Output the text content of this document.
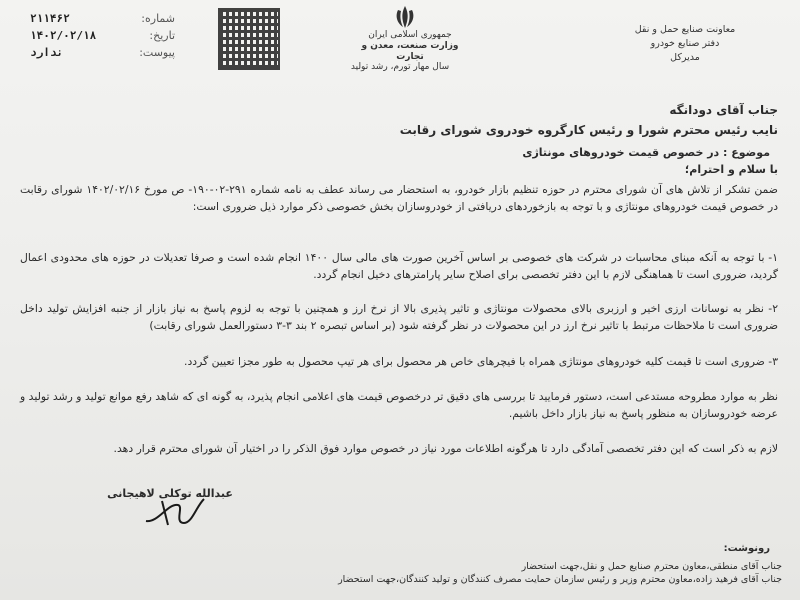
شماره:
۲۱۱۴۶۲
تاریخ:
۱۴۰۲/۰۲/۱۸
پیوست:
ندارد
جمهوری اسلامی ایران
وزارت صنعت، معدن و تجارت
سال مهار تورم، رشد تولید
معاونت صنایع حمل و نقل
دفتر صنایع خودرو
مدیرکل
جناب آقای دودانگه
نایب رئیس محترم شورا و رئیس کارگروه خودروی شورای رقابت
موضوع : در خصوص قیمت خودروهای مونتاژی
با سلام و احترام؛
ضمن تشکر از تلاش های آن شورای محترم در حوزه تنظیم بازار خودرو، به استحضار می رساند عطف به نامه شماره ۲۹۱-۰۲-۱۹۰- ص مورخ ۱۴۰۲/۰۲/۱۶ شورای رقابت در خصوص قیمت خودروهای مونتاژی و با توجه به بازخوردهای دریافتی از خودروسازان بخش خصوصی ذکر موارد ذیل ضروری است:
۱- با توجه به آنکه مبنای محاسبات در شرکت های خصوصی بر اساس آخرین صورت های مالی سال ۱۴۰۰ انجام شده است و صرفا تعدیلات در حوزه های محدودی اعمال گردید، ضروری است تا هماهنگی لازم با این دفتر تخصصی برای اصلاح سایر پارامترهای دخیل انجام گردد.
۲- نظر به نوسانات ارزی اخیر و ارزبری بالای محصولات مونتاژی و تاثیر پذیری بالا از نرخ ارز و همچنین با توجه به لزوم پاسخ به نیاز بازار از جنبه افزایش تولید داخل ضروری است تا ملاحظات مرتبط با تاثیر نرخ ارز در این محصولات در نظر گرفته شود (بر اساس تبصره ۲ بند ۳-۳ دستورالعمل شورای رقابت)
۳- ضروری است تا قیمت کلیه خودروهای مونتاژی همراه با فیچرهای خاص هر محصول برای هر تیپ محصول به طور مجزا تعیین گردد.
نظر به موارد مطروحه مستدعی است، دستور فرمایید تا بررسی های دقیق تر درخصوص قیمت های اعلامی انجام پذیرد، به گونه ای که شاهد رفع موانع تولید و رشد تولید و عرضه خودروسازان به منظور پاسخ به نیاز بازار داخل باشیم.
لازم به ذکر است که این دفتر تخصصی آمادگی دارد تا هرگونه اطلاعات مورد نیاز در خصوص موارد فوق الذکر را در اختیار آن شورای محترم قرار دهد.
عبدالله توکلی لاهیجانی
رونوشت:
جناب آقای منطقی،معاون محترم صنایع حمل و نقل،جهت استحضار
جناب آقای فرهید زاده،معاون محترم وزیر و رئیس سازمان حمایت مصرف کنندگان و تولید کنندگان،جهت استحضار
